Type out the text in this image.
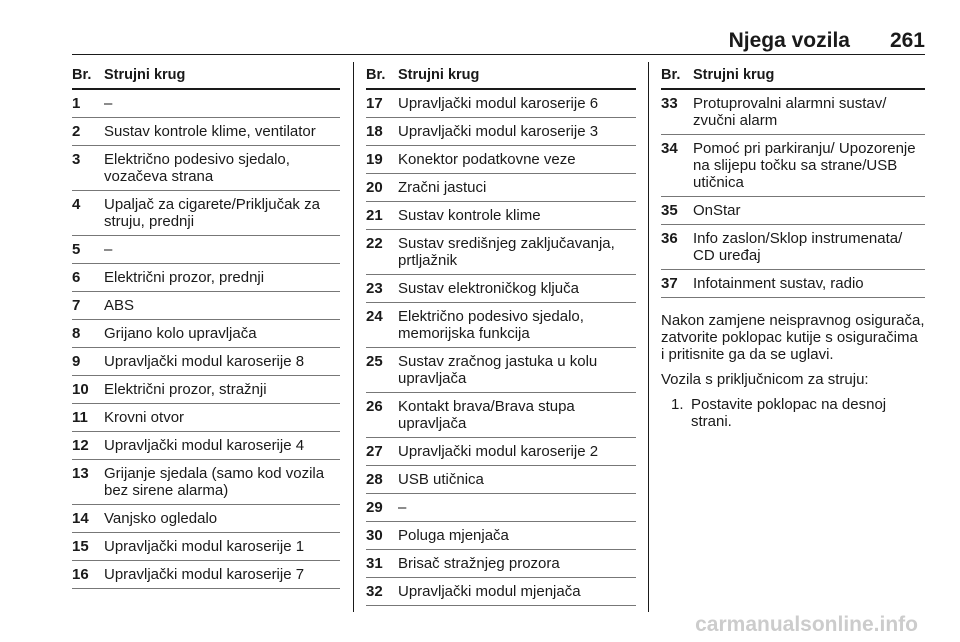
Njega vozila 261
Br. Strujni krug
1	–
2	Sustav kontrole klime, ventilator
3	Električno podesivo sjedalo, vozačeva strana
4	Upaljač za cigarete/Priključak za struju, prednji
5	–
6	Električni prozor, prednji
7	ABS
8	Grijano kolo upravljača
9	Upravljački modul karoserije 8
10	Električni prozor, stražnji
11	Krovni otvor
12	Upravljački modul karoserije 4
13	Grijanje sjedala (samo kod vozila bez sirene alarma)
14	Vanjsko ogledalo
15	Upravljački modul karoserije 1
16	Upravljački modul karoserije 7
Br. Strujni krug
17	Upravljački modul karoserije 6
18	Upravljački modul karoserije 3
19	Konektor podatkovne veze
20	Zračni jastuci
21	Sustav kontrole klime
22	Sustav središnjeg zaključavanja, prtljažnik
23	Sustav elektroničkog ključa
24	Električno podesivo sjedalo, memorijska funkcija
25	Sustav zračnog jastuka u kolu upravljača
26	Kontakt brava/Brava stupa upravljača
27	Upravljački modul karoserije 2
28	USB utičnica
29	–
30	Poluga mjenjača
31	Brisač stražnjeg prozora
32	Upravljački modul mjenjača
Br. Strujni krug
33	Protuprovalni alarmni sustav/ zvučni alarm
34	Pomoć pri parkiranju/ Upozorenje na slijepu točku sa strane/USB utičnica
35	OnStar
36	Info zaslon/Sklop instrumenata/ CD uređaj
37	Infotainment sustav, radio

Nakon zamjene neispravnog osigurača, zatvorite poklopac kutije s osiguračima i pritisnite ga da se uglavi.

Vozila s priključnicom za struju:

1. Postavite poklopac na desnoj strani.
carmanualsonline.info
